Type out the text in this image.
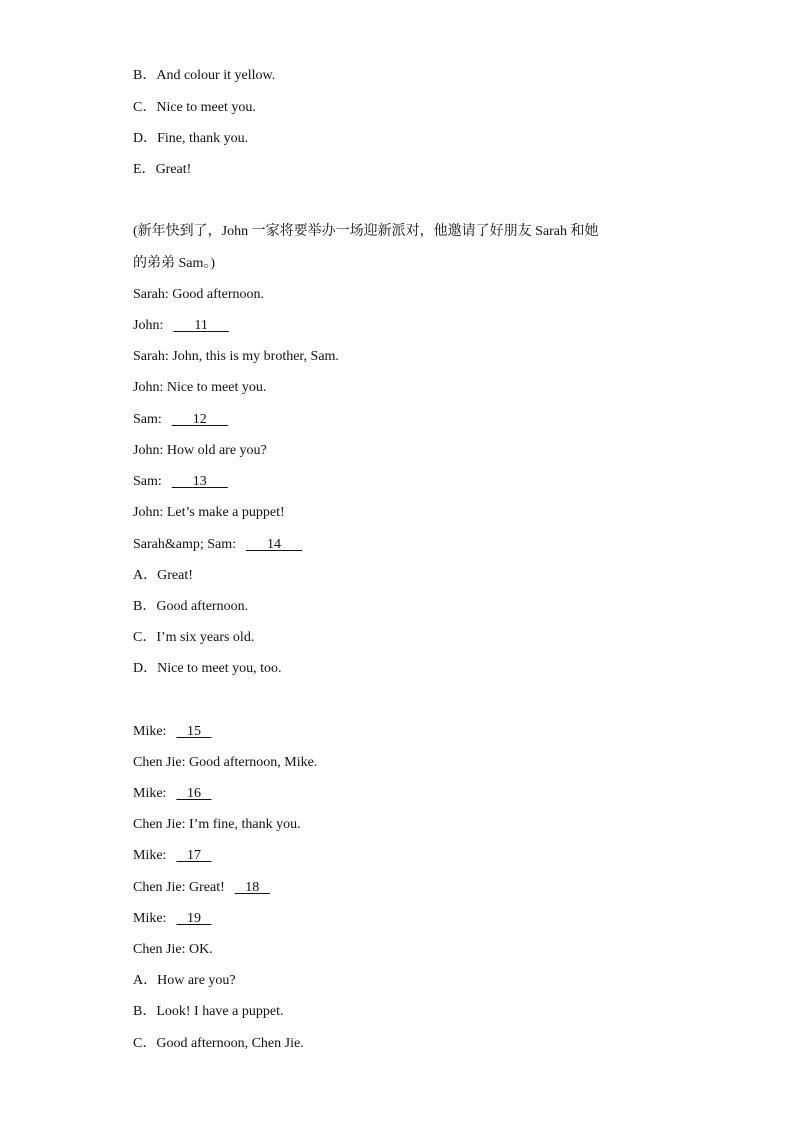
B．And colour it yellow.
C．Nice to meet you.
D．Fine, thank you.
E．Great!
(新年快到了，John 一家将要举办一场迎新派对，他邀请了好朋友 Sarah 和她
的弟弟 Sam。)
Sarah: Good afternoon.
John: 11
Sarah: John, this is my brother, Sam.
John: Nice to meet you.
Sam: 12
John: How old are you?
Sam: 13
John: Let’s make a puppet!
Sarah&amp; Sam: 14
A．Great!
B．Good afternoon.
C．I’m six years old.
D．Nice to meet you, too.
Mike: 15
Chen Jie: Good afternoon, Mike.
Mike: 16
Chen Jie: I’m fine, thank you.
Mike: 17
Chen Jie: Great! 18
Mike: 19
Chen Jie: OK.
A．How are you?
B．Look! I have a puppet.
C．Good afternoon, Chen Jie.
